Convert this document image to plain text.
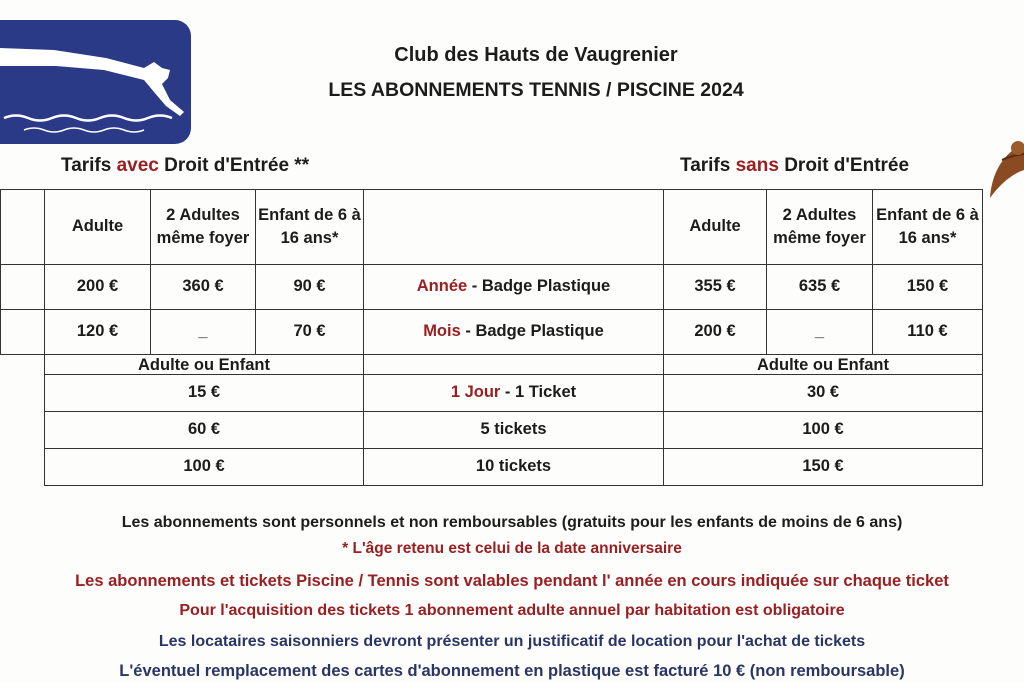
Club des Hauts de Vaugrenier
LES ABONNEMENTS TENNIS / PISCINE 2024
Tarifs avec Droit d'Entrée **	Tarifs sans Droit d'Entrée
	Adulte	2 Adultes même foyer	Enfant de 6 à 16 ans*		Adulte	2 Adultes même foyer	Enfant de 6 à 16 ans*
	200 €	360 €	90 €	Année - Badge Plastique	355 €	635 €	150 €
	120 €	_	70 €	Mois - Badge Plastique	200 €	_	110 €
	Adulte ou Enfant				Adulte ou Enfant		
	15 €			1 Jour - 1 Ticket	30 €		
	60 €			5 tickets	100 €		
	100 €			10 tickets	150 €		
Les abonnements sont personnels et non remboursables (gratuits pour les enfants de moins de 6 ans)
* L'âge retenu est celui de la date anniversaire
Les abonnements et tickets Piscine / Tennis sont valables pendant l' année en cours indiquée sur chaque ticket
Pour l'acquisition des tickets 1 abonnement adulte annuel par habitation est obligatoire
Les locataires saisonniers devront présenter un justificatif de location pour l'achat de tickets
L'éventuel remplacement des cartes d'abonnement en plastique est facturé 10 € (non remboursable)
